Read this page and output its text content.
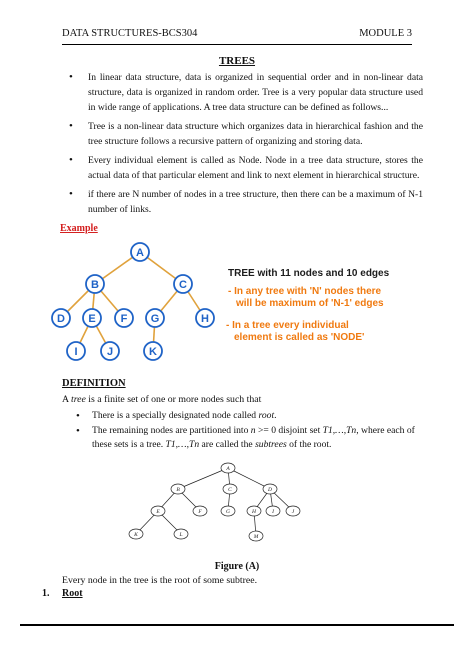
DATA STRUCTURES-BCS304	MODULE 3
TREES
• In linear data structure, data is organized in sequential order and in non-linear data structure, data is organized in random order. Tree is a very popular data structure used in wide range of applications. A tree data structure can be defined as follows...
• Tree is a non-linear data structure which organizes data in hierarchical fashion and the tree structure follows a recursive pattern of organizing and storing data.
• Every individual element is called as Node. Node in a tree data structure, stores the actual data of that particular element and link to next element in hierarchical structure.
• if there are N number of nodes in a tree structure, then there can be a maximum of N-1 number of links.
Example
A
B	C
D E F G	H
I	J	K
TREE with 11 nodes and 10 edges
- In any tree with 'N' nodes there
will be maximum of 'N-1' edges
- In a tree every individual
element is called as 'NODE'
DEFINITION
A tree is a finite set of one or more nodes such that
• There is a specially designated node called root.
• The remaining nodes are partitioned into n >= 0 disjoint set T1,…,Tn, where each of these sets is a tree. T1,…,Tn are called the subtrees of the root.
A
B	C	D
E	F	G	H	I	J
K	L	M
Figure (A)
Every node in the tree is the root of some subtree.
1. Root
